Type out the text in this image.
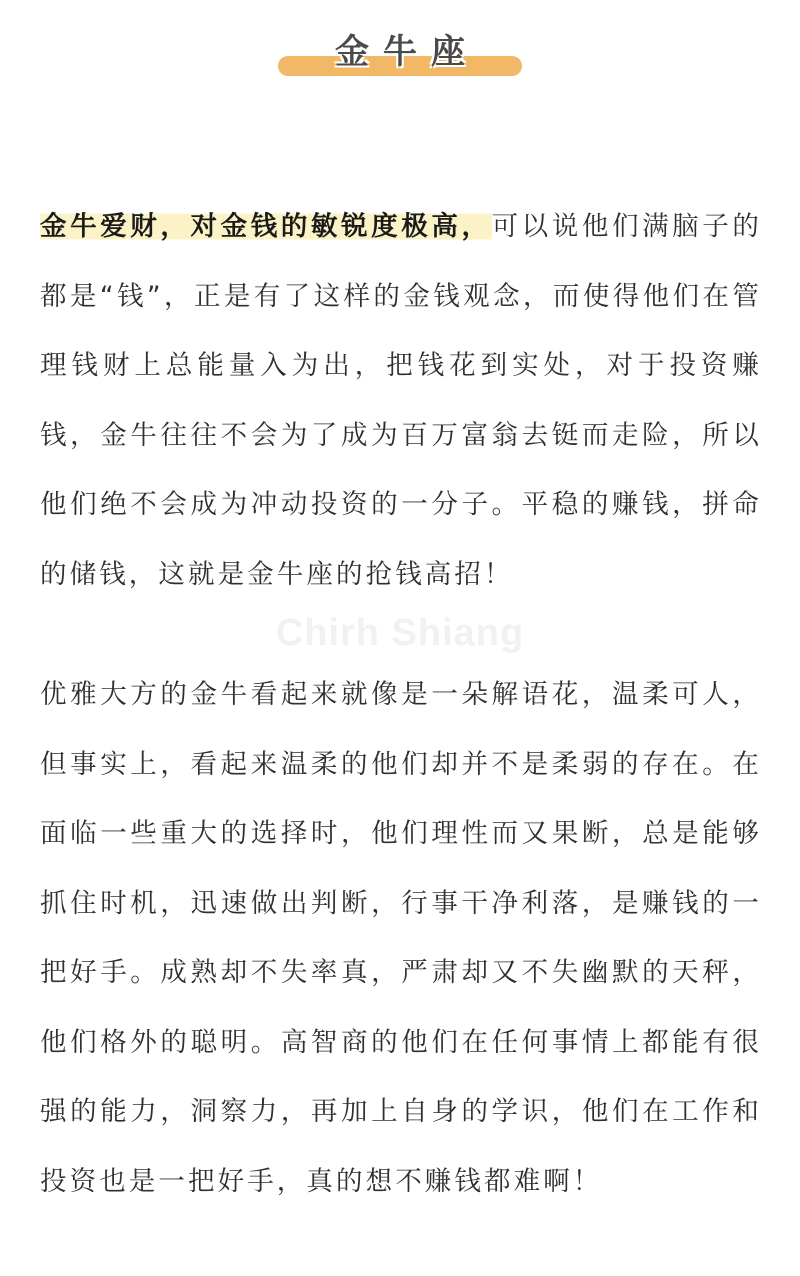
金牛座

金牛爱财，对金钱的敏锐度极高，可以说他们满脑子的都是“钱”，正是有了这样的金钱观念，而使得他们在管理钱财上总能量入为出，把钱花到实处，对于投资赚钱，金牛往往不会为了成为百万富翁去铤而走险，所以他们绝不会成为冲动投资的一分子。平稳的赚钱，拼命的储钱，这就是金牛座的抢钱高招！

Chirh Shiang

优雅大方的金牛看起来就像是一朵解语花，温柔可人，但事实上，看起来温柔的他们却并不是柔弱的存在。在面临一些重大的选择时，他们理性而又果断，总是能够抓住时机，迅速做出判断，行事干净利落，是赚钱的一把好手。成熟却不失率真，严肃却又不失幽默的天秤，他们格外的聪明。高智商的他们在任何事情上都能有很强的能力，洞察力，再加上自身的学识，他们在工作和投资也是一把好手，真的想不赚钱都难啊！
